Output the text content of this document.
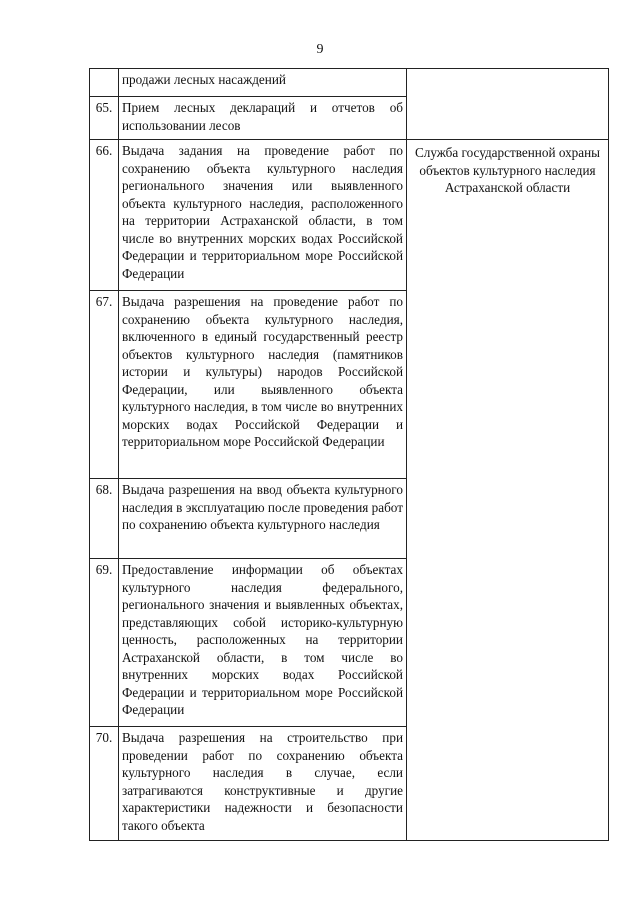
9
	продажи лесных насаждений	
65.	Прием лесных деклараций и отчетов об использовании лесов	
66.	Выдача задания на проведение работ по сохранению объекта культурного наследия регионального значения или выявленного объекта культурного наследия, расположенного на территории Астраханской области, в том числе во внутренних морских водах Российской Федерации и территориальном море Российской Федерации	Служба государственной охраны объектов культурного наследия Астраханской области

67.	Выдача разрешения на проведение работ по сохранению объекта культурного наследия, включенного в единый государственный реестр объектов культурного наследия (памятников истории и культуры) народов Российской Федерации, или выявленного объекта культурного наследия, в том числе во внутренних морских водах Российской Федерации и территориальном море Российской Федерации	
68.	Выдача разрешения на ввод объекта культурного наследия в эксплуатацию после проведения работ по сохранению объекта культурного наследия	
69.	Предоставление информации об объектах культурного наследия федерального, регионального значения и выявленных объектах, представляющих собой историко-культурную ценность, расположенных на территории Астраханской области, в том числе во внутренних морских водах Российской Федерации и территориальном море Российской Федерации	
70.	Выдача разрешения на строительство при проведении работ по сохранению объекта культурного наследия в случае, если затрагиваются конструктивные и другие характеристики надежности и безопасности такого объекта	
